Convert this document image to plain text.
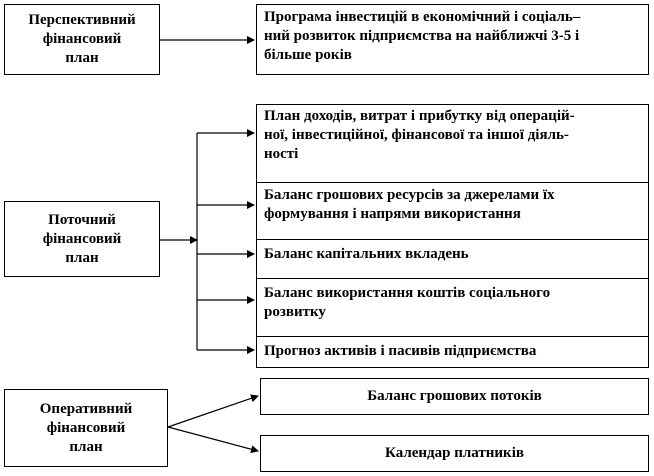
Перспективний
фінансовий
план
Програма інвестицій в економічний і соціаль–
ний розвиток підприємства на найближчі 3-5 і
більше років
Поточний
фінансовий
план
План доходів, витрат і прибутку від операцій-
ної, інвестиційної, фінансової та іншої діяль-
ності
Баланс грошових ресурсів за джерелами їх
формування і напрями використання
Баланс капітальних вкладень
Баланс використання коштів соціального
розвитку
Прогноз активів і пасивів підприємства
Оперативний
фінансовий
план
Баланс грошових потоків
Календар платників
